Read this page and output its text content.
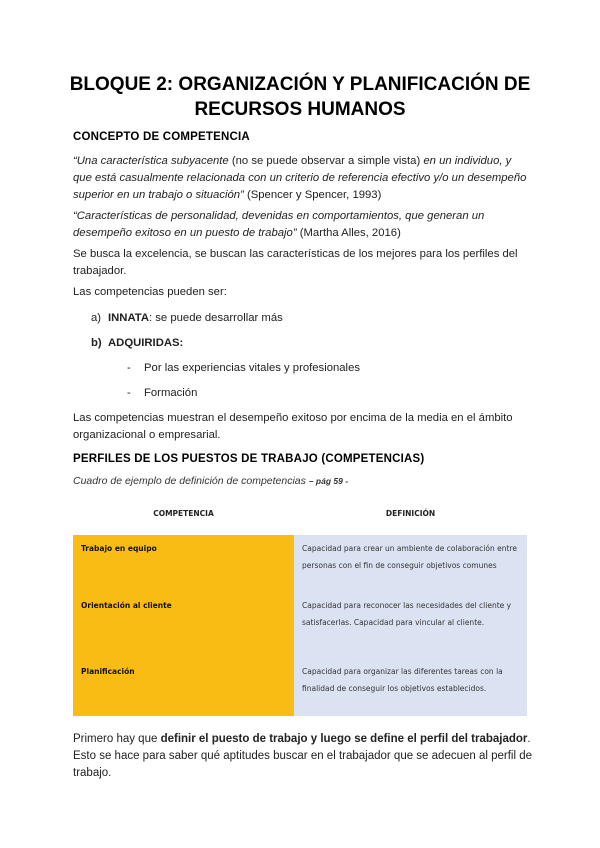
BLOQUE 2: ORGANIZACIÓN Y PLANIFICACIÓN DE
RECURSOS HUMANOS
CONCEPTO DE COMPETENCIA
“Una característica subyacente (no se puede observar a simple vista) en un individuo, y que está casualmente relacionada con un criterio de referencia efectivo y/o un desempeño superior en un trabajo o situación” (Spencer y Spencer, 1993)
“Características de personalidad, devenidas en comportamientos, que generan un desempeño exitoso en un puesto de trabajo” (Martha Alles, 2016)
Se busca la excelencia, se buscan las características de los mejores para los perfiles del trabajador.
Las competencias pueden ser:
a) INNATA: se puede desarrollar más
b) ADQUIRIDAS:
- Por las experiencias vitales y profesionales
- Formación
Las competencias muestran el desempeño exitoso por encima de la media en el ámbito organizacional o empresarial.
PERFILES DE LOS PUESTOS DE TRABAJO (COMPETENCIAS)
Cuadro de ejemplo de definición de competencias – pág 59 -
COMPETENCIA	DEFINICIÓN

Trabajo en equipo	Capacidad para crear un ambiente de colaboración entre personas con el fin de conseguir objetivos comunes
Orientación al cliente	Capacidad para reconocer las necesidades del cliente y satisfacerlas. Capacidad para vincular al cliente.
Planificación	Capacidad para organizar las diferentes tareas con la finalidad de conseguir los objetivos establecidos.
Primero hay que definir el puesto de trabajo y luego se define el perfil del trabajador. Esto se hace para saber qué aptitudes buscar en el trabajador que se adecuen al perfil de trabajo.
